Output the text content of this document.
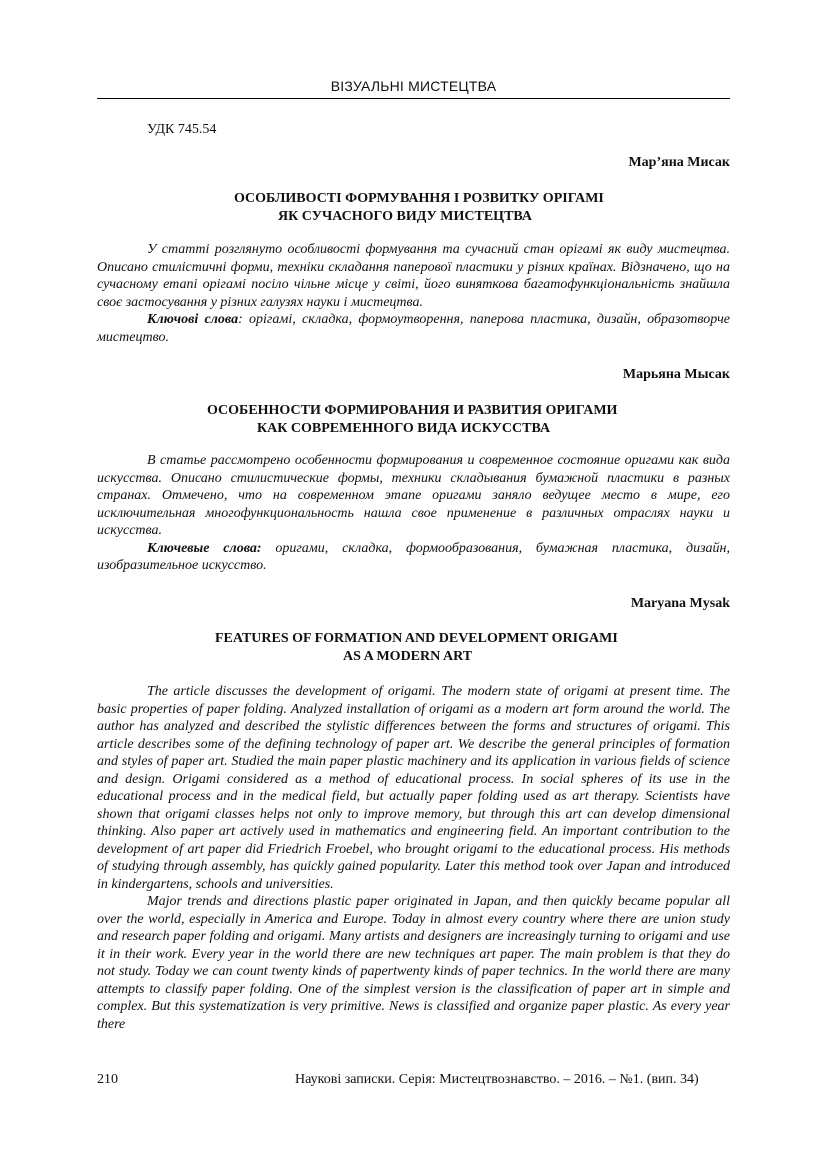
ВІЗУАЛЬНІ МИСТЕЦТВА
УДК 745.54
Мар’яна Мисак
ОСОБЛИВОСТІ ФОРМУВАННЯ І РОЗВИТКУ ОРІГАМІ
ЯК СУЧАСНОГО ВИДУ МИСТЕЦТВА

У статті розглянуто особливості формування та сучасний стан орігамі як виду мистецтва. Описано стилістичні форми, техніки складання паперової пластики у різних країнах. Відзначено, що на сучасному етапі орігамі посіло чільне місце у світі, його виняткова багатофункціональність знайшла своє застосування у різних галузях науки і мистецтва.

Ключові слова: орігамі, складка, формоутворення, паперова пластика, дизайн, образотворче мистецтво.

Марьяна Мысак
ОСОБЕННОСТИ ФОРМИРОВАНИЯ И РАЗВИТИЯ ОРИГАМИ
КАК СОВРЕМЕННОГО ВИДА ИСКУССТВА

В статье рассмотрено особенности формирования и современное состояние оригами как вида искусства. Описано стилистические формы, техники складывания бумажной пластики в разных странах. Отмечено, что на современном этапе оригами заняло ведущее место в мире, его исключительная многофункциональность нашла свое применение в различных отраслях науки и искусства.

Ключевые слова: оригами, складка, формообразования, бумажная пластика, дизайн, изобразительное искусство.

Maryana Mysak
FEATURES OF FORMATION AND DEVELOPMENT ORIGAMI
AS A MODERN ART

The article discusses the development of origami. The modern state of origami at present time. The basic properties of paper folding. Analyzed installation of origami as a modern art form around the world. The author has analyzed and described the stylistic differences between the forms and structures of origami. This article describes some of the defining technology of paper art. We describe the general principles of formation and styles of paper art. Studied the main paper plastic machinery and its application in various fields of science and design. Origami considered as a method of educational process. In social spheres of its use in the educational process and in the medical field, but actually paper folding used as art therapy. Scientists have shown that origami classes helps not only to improve memory, but through this art can develop dimensional thinking. Also paper art actively used in mathematics and engineering field. An important contribution to the development of art paper did Friedrich Froebel, who brought origami to the educational process. His methods of studying through assembly, has quickly gained popularity. Later this method took over Japan and introduced in kindergartens, schools and universities.

Major trends and directions plastic paper originated in Japan, and then quickly became popular all over the world, especially in America and Europe. Today in almost every country where there are union study and research paper folding and origami. Many artists and designers are increasingly turning to origami and use it in their work. Every year in the world there are new techniques art paper. The main problem is that they do not study. Today we can count twenty kinds of papertwenty kinds of paper technics. In the world there are many attempts to classify paper folding. One of the simplest version is the classification of paper art in simple and complex. But this systematization is very primitive. News is classified and organize paper plastic. As every year there

210	Наукові записки. Серія: Мистецтвознавство. – 2016. – №1. (вип. 34)
